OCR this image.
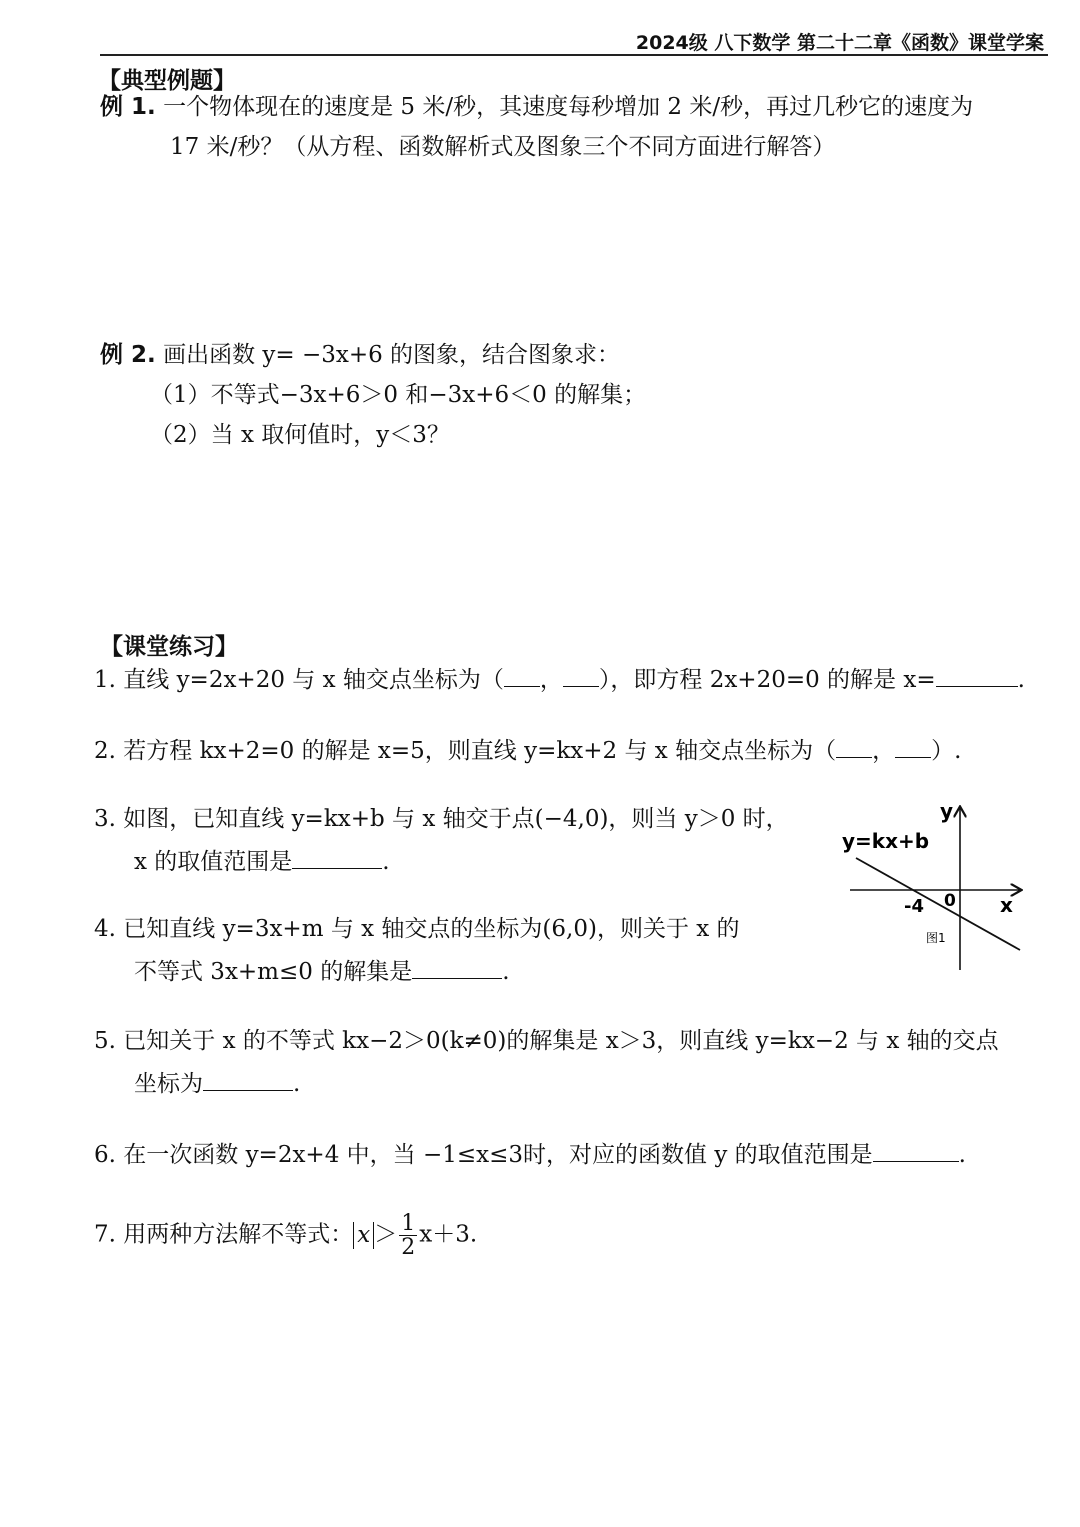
2024级 八下数学 第二十二章《函数》课堂学案
【典型例题】
例 1. 一个物体现在的速度是 5 米/秒，其速度每秒增加 2 米/秒，再过几秒它的速度为
17 米/秒？（从方程、函数解析式及图象三个不同方面进行解答）
例 2. 画出函数 y= −3x+6 的图象，结合图象求：
（1）不等式−3x+6＞0 和−3x+6＜0 的解集；
（2）当 x 取何值时，y＜3？
【课堂练习】
1. 直线 y=2x+20 与 x 轴交点坐标为（ ， ），即方程 2x+20=0 的解是 x=	.
2. 若方程 kx+2=0 的解是 x=5，则直线 y=kx+2 与 x 轴交点坐标为（ ， ）.
3. 如图，已知直线 y=kx+b 与 x 轴交于点(−4,0)，则当 y＞0 时，
x 的取值范围是	.
4. 已知直线 y=3x+m 与 x 轴交点的坐标为(6,0)，则关于 x 的
不等式 3x+m≤0 的解集是	.
5. 已知关于 x 的不等式 kx−2＞0(k≠0)的解集是 x＞3，则直线 y=kx−2 与 x 轴的交点
坐标为	.
6. 在一次函数 y=2x+4 中，当 −1≤x≤3时，对应的函数值 y 的取值范围是	.
7. 用两种方法解不等式： $x > \frac{1}{2} x+3$.
y=kx+b
y
x
0
-4
图1
